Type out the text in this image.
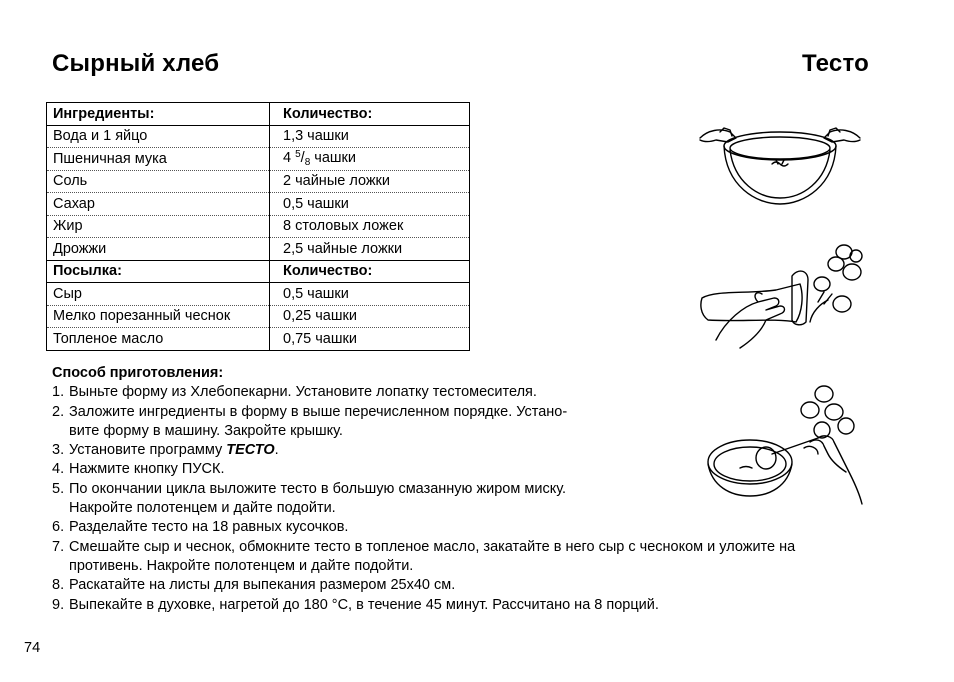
Сырный хлеб	Тесто
Ингредиенты:	Количество:
Вода и 1 яйцо	1,3 чашки
Пшеничная мука	4 $^5/_8$ чашки
Соль	2 чайные ложки
Сахар	0,5 чашки
Жир	8 столовых ложек
Дрожжи	2,5 чайные ложки
Посылка:	Количество:
Сыр	0,5 чашки
Мелко порезанный чеснок	0,25 чашки
Топленое масло	0,75 чашки
Способ приготовления:
1. Выньте форму из Хлебопекарни. Установите лопатку тестомесителя.
2. Заложите ингредиенты в форму в выше перечисленном порядке. Устано-
вите форму в машину. Закройте крышку.
3. Установите программу ТЕСТО.
4. Нажмите кнопку ПУСК.
5. По окончании цикла выложите тесто в большую смазанную жиром миску.
Накройте полотенцем и дайте подойти.
6. Разделайте тесто на 18 равных кусочков.
7. Смешайте сыр и чеснок, обмокните тесто в топленое масло, закатайте в него сыр с чесноком и уложите на
противень. Накройте полотенцем и дайте подойти.
8. Раскатайте на листы для выпекания размером 25х40 см.
9. Выпекайте в духовке, нагретой до 180 °C, в течение 45 минут. Рассчитано на 8 порций.
74
